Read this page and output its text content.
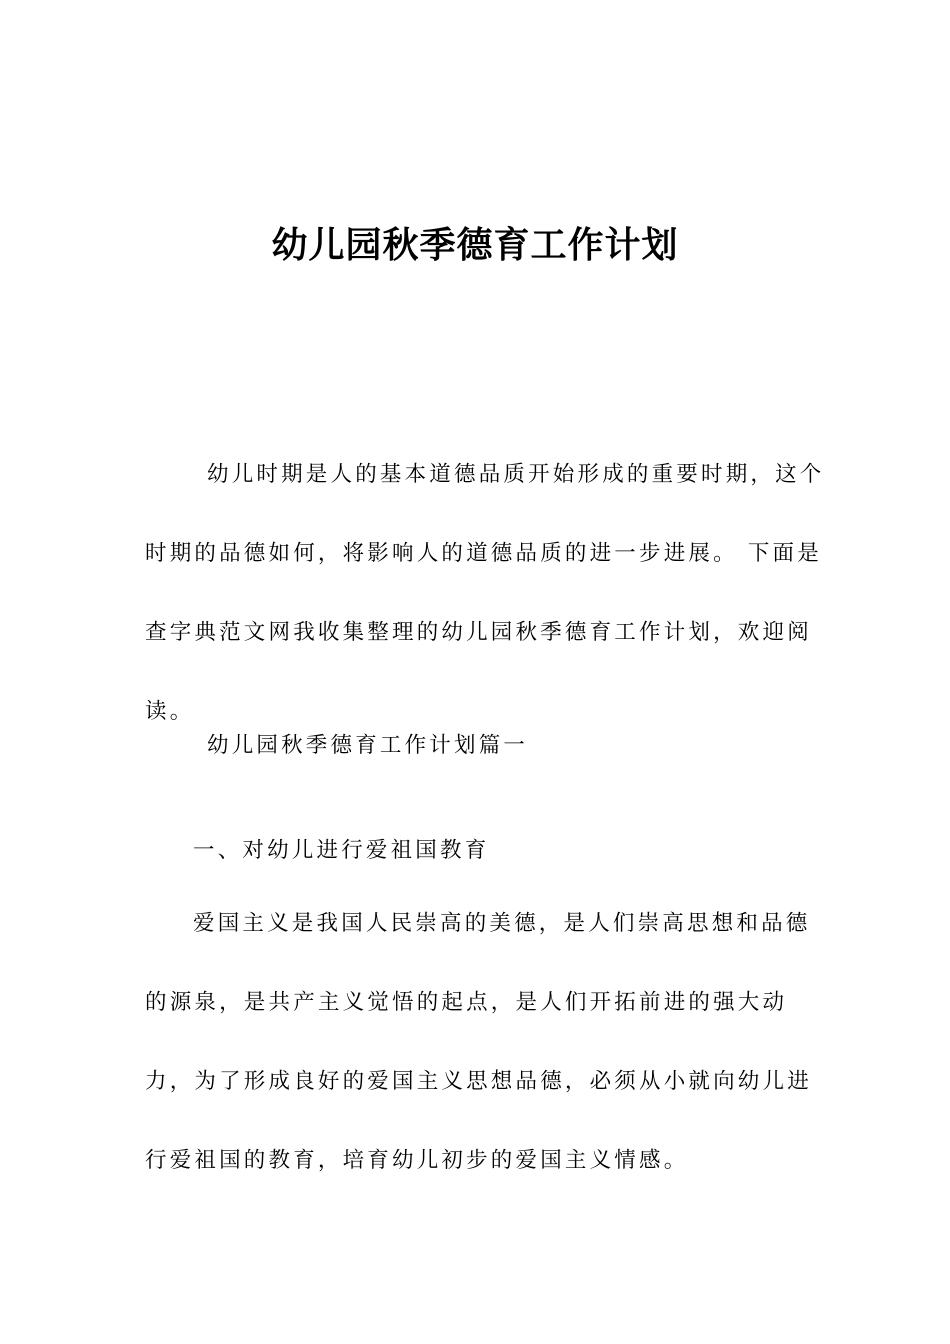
幼儿园秋季德育工作计划

幼儿时期是人的基本道德品质开始形成的重要时期，这个时期的品德如何，将影响人的道德品质的进一步进展。 下面是查字典范文网我收集整理的幼儿园秋季德育工作计划，欢迎阅读。

幼儿园秋季德育工作计划篇一

一、对幼儿进行爱祖国教育

爱国主义是我国人民崇高的美德，是人们崇高思想和品德的源泉，是共产主义觉悟的起点，是人们开拓前进的强大动力，为了形成良好的爱国主义思想品德，必须从小就向幼儿进行爱祖国的教育，培育幼儿初步的爱国主义情感。
